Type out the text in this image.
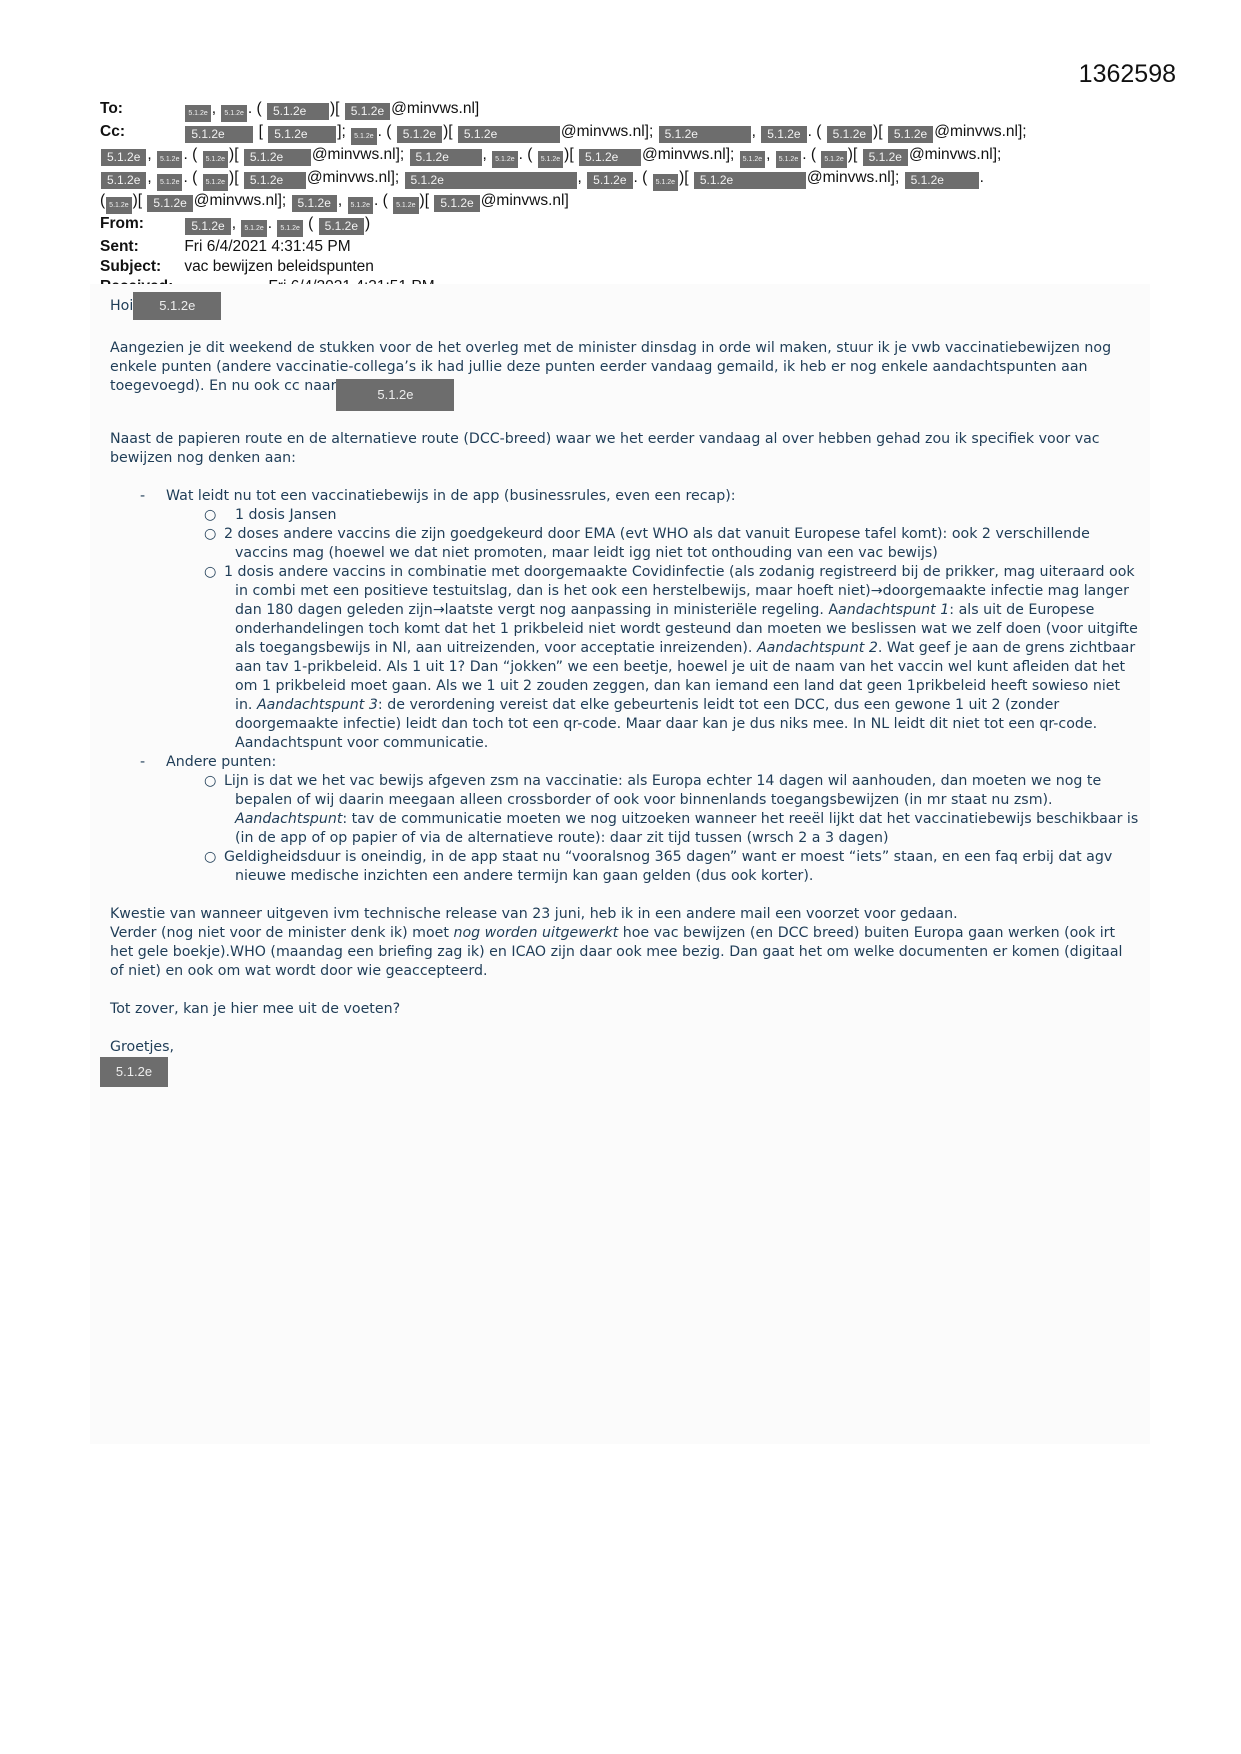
1362598
To:	5.1.2e , 5.1.2e . ( 5.1.2e )[ 5.1.2e @minvws.nl]
Cc:	5.1.2e [ 5.1.2e ]; 5.1.2e . ( 5.1.2e )[ 5.1.2e	@minvws.nl]; 5.1.2e	, 5.1.2e . ( 5.1.2e )[ 5.1.2e @minvws.nl];
5.1.2e , 5.1.2e . ( 5.1.2e )[ 5.1.2e @minvws.nl]; 5.1.2e , 5.1.2e . ( 5.1.2e )[ 5.1.2e @minvws.nl]; 5.1.2e , 5.1.2e . ( 5.1.2e )[ 5.1.2e @minvws.nl];
5.1.2e , 5.1.2e . ( 5.1.2e )[ 5.1.2e @minvws.nl]; 5.1.2e	, 5.1.2e . ( 5.1.2e )[ 5.1.2e	@minvws.nl]; 5.1.2e .
( 5.1.2e )[ 5.1.2e @minvws.nl]; 5.1.2e , 5.1.2e . ( 5.1.2e )[ 5.1.2e @minvws.nl]
From:	5.1.2e , 5.1.2e . 5.1.2e ( 5.1.2e )
Sent:	Fri 6/4/2021 4:31:45 PM
Subject: vac bewijzen beleidspunten

Hoi 5.1.2e

Aangezien je dit weekend de stukken voor de het overleg met de minister dinsdag in orde wil maken, stuur ik je vwb vaccinatiebewijzen nog enkele punten (andere vaccinatie-collega’s ik had jullie deze punten eerder vandaag gemaild, ik heb er nog enkele aandachtspunten aan toegevoegd). En nu ook cc naar5.1.2e

Naast de papieren route en de alternatieve route (DCC-breed) waar we het eerder vandaag al over hebben gehad zou ik specifiek voor vac bewijzen nog denken aan:

- Wat leidt nu tot een vaccinatiebewijs in de app (businessrules, even een recap):
○ 1 dosis Jansen
○ 2 doses andere vaccins die zijn goedgekeurd door EMA (evt WHO als dat vanuit Europese tafel komt): ook 2 verschillende vaccins mag (hoewel we dat niet promoten, maar leidt igg niet tot onthouding van een vac bewijs)
○ 1 dosis andere vaccins in combinatie met doorgemaakte Covidinfectie (als zodanig registreerd bij de prikker, mag uiteraard ook in combi met een positieve testuitslag, dan is het ook een herstelbewijs, maar hoeft niet)→doorgemaakte infectie mag langer dan 180 dagen geleden zijn→laatste vergt nog aanpassing in ministeriële regeling. Aandachtspunt 1: als uit de Europese onderhandelingen toch komt dat het 1 prikbeleid niet wordt gesteund dan moeten we beslissen wat we zelf doen (voor uitgifte als toegangsbewijs in Nl, aan uitreizenden, voor acceptatie inreizenden). Aandachtspunt 2. Wat geef je aan de grens zichtbaar aan tav 1-prikbeleid. Als 1 uit 1? Dan “jokken” we een beetje, hoewel je uit de naam van het vaccin wel kunt afleiden dat het om 1 prikbeleid moet gaan. Als we 1 uit 2 zouden zeggen, dan kan iemand een land dat geen 1prikbeleid heeft sowieso niet in. Aandachtspunt 3: de verordening vereist dat elke gebeurtenis leidt tot een DCC, dus een gewone 1 uit 2 (zonder doorgemaakte infectie) leidt dan toch tot een qr-code. Maar daar kan je dus niks mee. In NL leidt dit niet tot een qr-code. Aandachtspunt voor communicatie.
- Andere punten:
○ Lijn is dat we het vac bewijs afgeven zsm na vaccinatie: als Europa echter 14 dagen wil aanhouden, dan moeten we nog te bepalen of wij daarin meegaan alleen crossborder of ook voor binnenlands toegangsbewijzen (in mr staat nu zsm). Aandachtspunt: tav de communicatie moeten we nog uitzoeken wanneer het reeël lijkt dat het vaccinatiebewijs beschikbaar is (in de app of op papier of via de alternatieve route): daar zit tijd tussen (wrsch 2 a 3 dagen)
○ Geldigheidsduur is oneindig, in de app staat nu “vooralsnog 365 dagen” want er moest “iets” staan, en een faq erbij dat agv nieuwe medische inzichten een andere termijn kan gaan gelden (dus ook korter).

Kwestie van wanneer uitgeven ivm technische release van 23 juni, heb ik in een andere mail een voorzet voor gedaan.

Verder (nog niet voor de minister denk ik) moet nog worden uitgewerkt hoe vac bewijzen (en DCC breed) buiten Europa gaan werken (ook irt het gele boekje).WHO (maandag een briefing zag ik) en ICAO zijn daar ook mee bezig. Dan gaat het om welke documenten er komen (digitaal of niet) en ook om wat wordt door wie geaccepteerd.

Tot zover, kan je hier mee uit de voeten?

Groetjes,
5.1.2e
